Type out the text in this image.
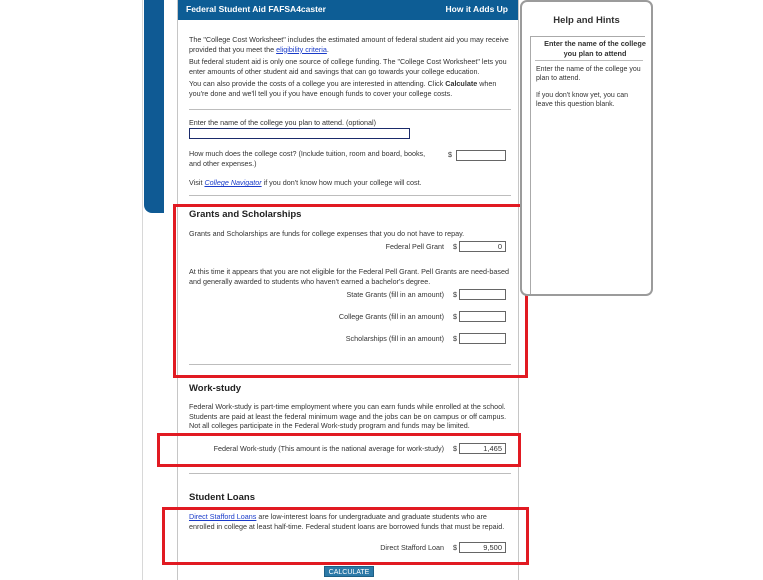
Federal Student Aid FAFSA4caster	How it Adds Up
The "College Cost Worksheet" includes the estimated amount of federal student aid you may receive provided that you meet the eligibility criteria.
But federal student aid is only one source of college funding. The "College Cost Worksheet" lets you enter amounts of other student aid and savings that can go towards your college education.
You can also provide the costs of a college you are interested in attending. Click Calculate when you're done and we'll tell you if you have enough funds to cover your college costs.
Enter the name of the college you plan to attend. (optional)
How much does the college cost? (Include tuition, room and board, books, and other expenses.)
$
Visit College Navigator if you don't know how much your college will cost.
Grants and Scholarships
Grants and Scholarships are funds for college expenses that you do not have to repay.
Federal Pell Grant $	0
At this time it appears that you are not eligible for the Federal Pell Grant. Pell Grants are need-based and generally awarded to students who haven't earned a bachelor's degree.
State Grants (fill in an amount) $
College Grants (fill in an amount) $
Scholarships (fill in an amount) $
Work-study
Federal Work-study is part-time employment where you can earn funds while enrolled at the school. Students are paid at least the federal minimum wage and the jobs can be on campus or off campus. Not all colleges participate in the Federal Work-study program and funds may be limited.
Federal Work-study (This amount is the national average for work-study) $	1,465
Student Loans
Direct Stafford Loans are low-interest loans for undergraduate and graduate students who are enrolled in college at least half-time. Federal student loans are borrowed funds that must be repaid.
Direct Stafford Loan $	9,500
CALCULATE
Help and Hints
Enter the name of the college you plan to attend
Enter the name of the college you plan to attend.
If you don't know yet, you can leave this question blank.
